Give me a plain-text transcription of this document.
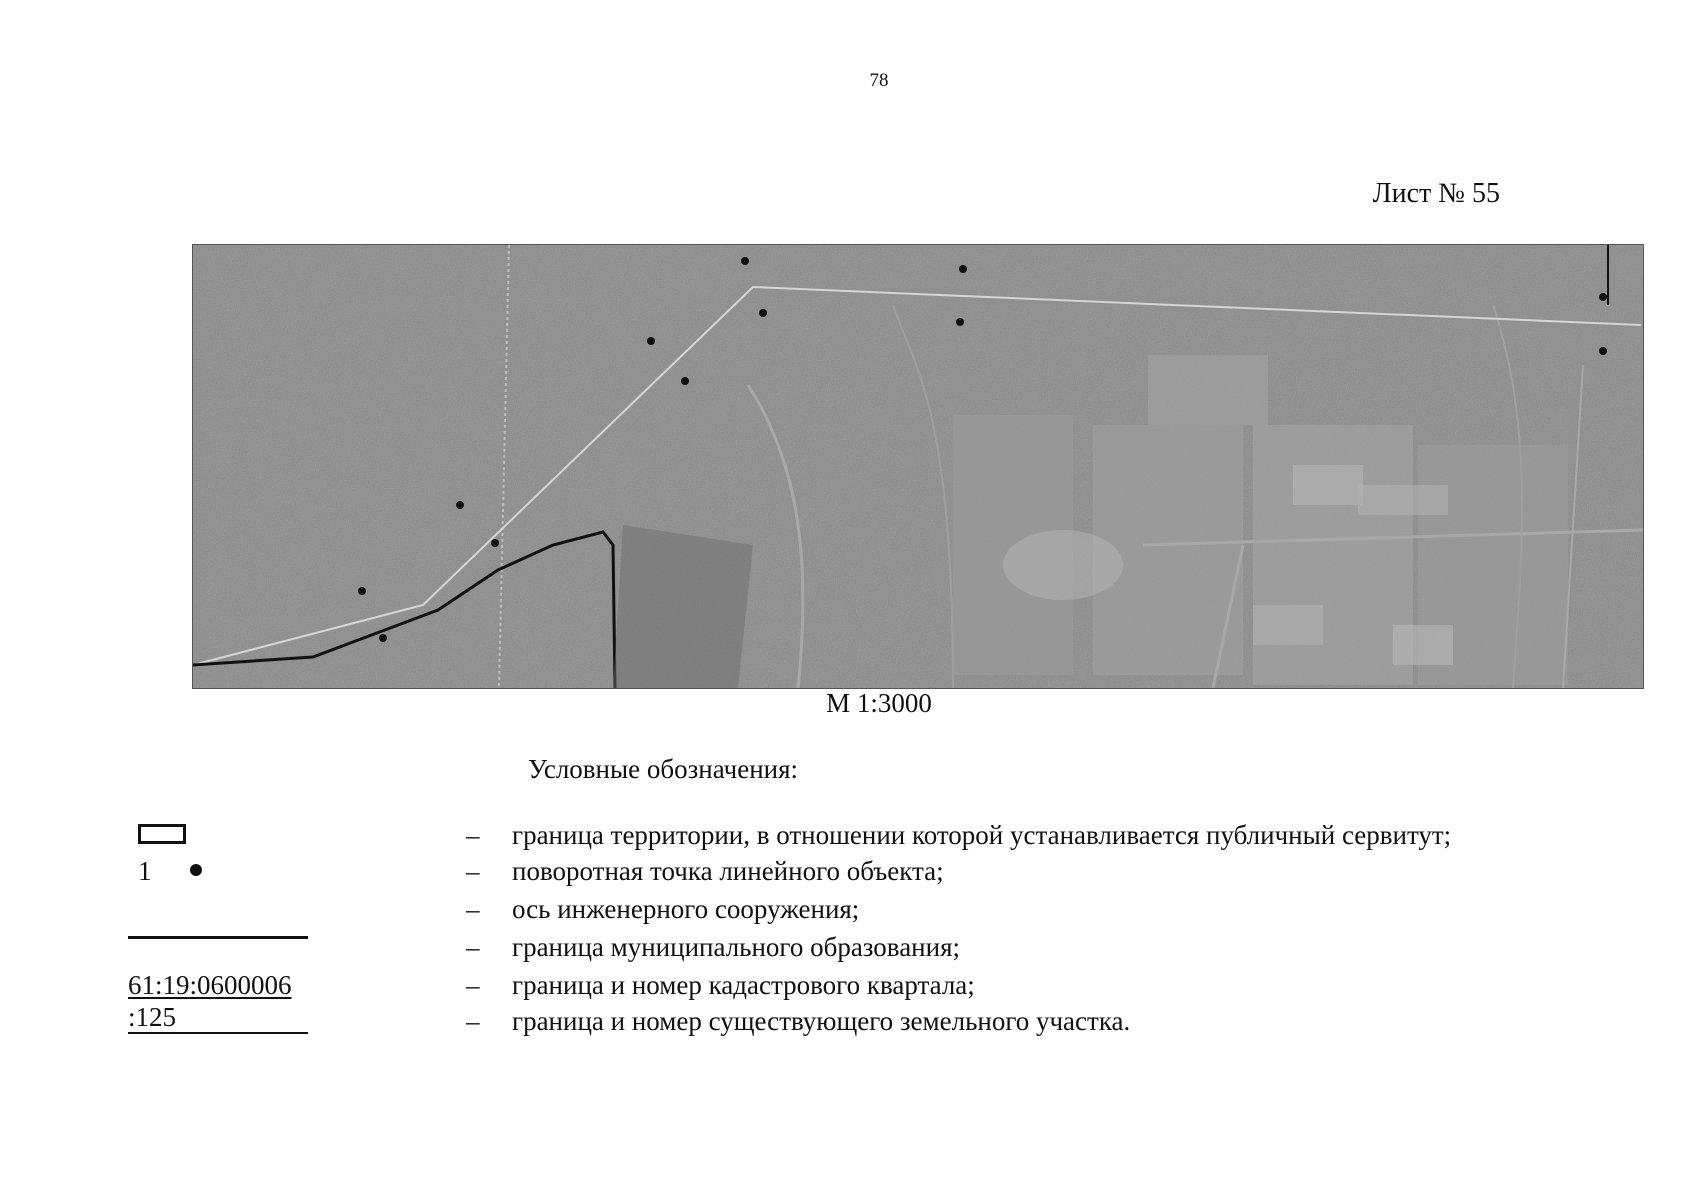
78
Лист № 55
М 1:3000
Условные обозначения:
1
61:19:0600006
:125
– граница территории, в отношении которой устанавливается публичный сервитут;
– поворотная точка линейного объекта;
– ось инженерного сооружения;
– граница муниципального образования;
– граница и номер кадастрового квартала;
– граница и номер существующего земельного участка.
